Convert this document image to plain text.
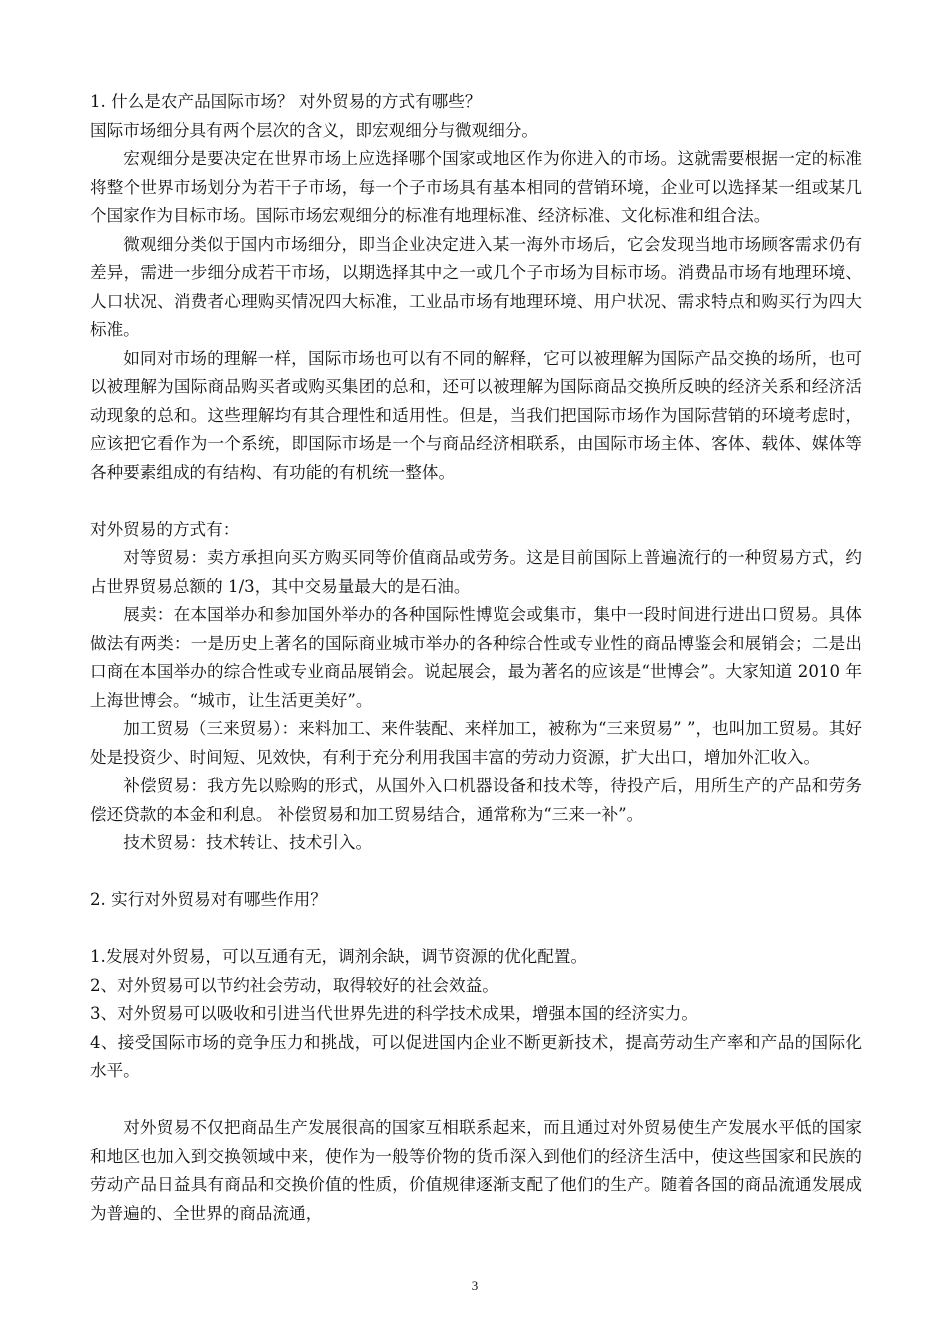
1. 什么是农产品国际市场？ 对外贸易的方式有哪些？

国际市场细分具有两个层次的含义，即宏观细分与微观细分。

宏观细分是要决定在世界市场上应选择哪个国家或地区作为你进入的市场。这就需要根据一定的标准将整个世界市场划分为若干子市场，每一个子市场具有基本相同的营销环境，企业可以选择某一组或某几个国家作为目标市场。国际市场宏观细分的标准有地理标准、经济标准、文化标准和组合法。

微观细分类似于国内市场细分，即当企业决定进入某一海外市场后，它会发现当地市场顾客需求仍有差异，需进一步细分成若干市场，以期选择其中之一或几个子市场为目标市场。消费品市场有地理环境、人口状况、消费者心理购买情况四大标准，工业品市场有地理环境、用户状况、需求特点和购买行为四大标准。

如同对市场的理解一样，国际市场也可以有不同的解释，它可以被理解为国际产品交换的场所，也可以被理解为国际商品购买者或购买集团的总和，还可以被理解为国际商品交换所反映的经济关系和经济活动现象的总和。这些理解均有其合理性和适用性。但是，当我们把国际市场作为国际营销的环境考虑时，应该把它看作为一个系统，即国际市场是一个与商品经济相联系，由国际市场主体、客体、载体、媒体等各种要素组成的有结构、有功能的有机统一整体。

对外贸易的方式有：

对等贸易：卖方承担向买方购买同等价值商品或劳务。这是目前国际上普遍流行的一种贸易方式，约占世界贸易总额的 1/3，其中交易量最大的是石油。

展卖：在本国举办和参加国外举办的各种国际性博览会或集市，集中一段时间进行进出口贸易。具体做法有两类：一是历史上著名的国际商业城市举办的各种综合性或专业性的商品博鉴会和展销会；二是出口商在本国举办的综合性或专业商品展销会。说起展会，最为著名的应该是“世博会”。大家知道 2010 年上海世博会。“城市，让生活更美好”。

加工贸易（三来贸易）：来料加工、来件装配、来样加工，被称为“三来贸易” ”，也叫加工贸易。其好处是投资少、时间短、见效快，有利于充分利用我国丰富的劳动力资源，扩大出口，增加外汇收入。

补偿贸易：我方先以赊购的形式，从国外入口机器设备和技术等，待投产后，用所生产的产品和劳务偿还贷款的本金和利息。 补偿贸易和加工贸易结合，通常称为“三来一补”。

技术贸易：技术转让、技术引入。

2. 实行对外贸易对有哪些作用？

1.发展对外贸易，可以互通有无，调剂余缺，调节资源的优化配置。

2、对外贸易可以节约社会劳动，取得较好的社会效益。

3、对外贸易可以吸收和引进当代世界先进的科学技术成果，增强本国的经济实力。

4、接受国际市场的竞争压力和挑战，可以促进国内企业不断更新技术，提高劳动生产率和产品的国际化水平。

对外贸易不仅把商品生产发展很高的国家互相联系起来，而且通过对外贸易使生产发展水平低的国家和地区也加入到交换领域中来，使作为一般等价物的货币深入到他们的经济生活中，使这些国家和民族的劳动产品日益具有商品和交换价值的性质，价值规律逐渐支配了他们的生产。随着各国的商品流通发展成为普遍的、全世界的商品流通，

3
